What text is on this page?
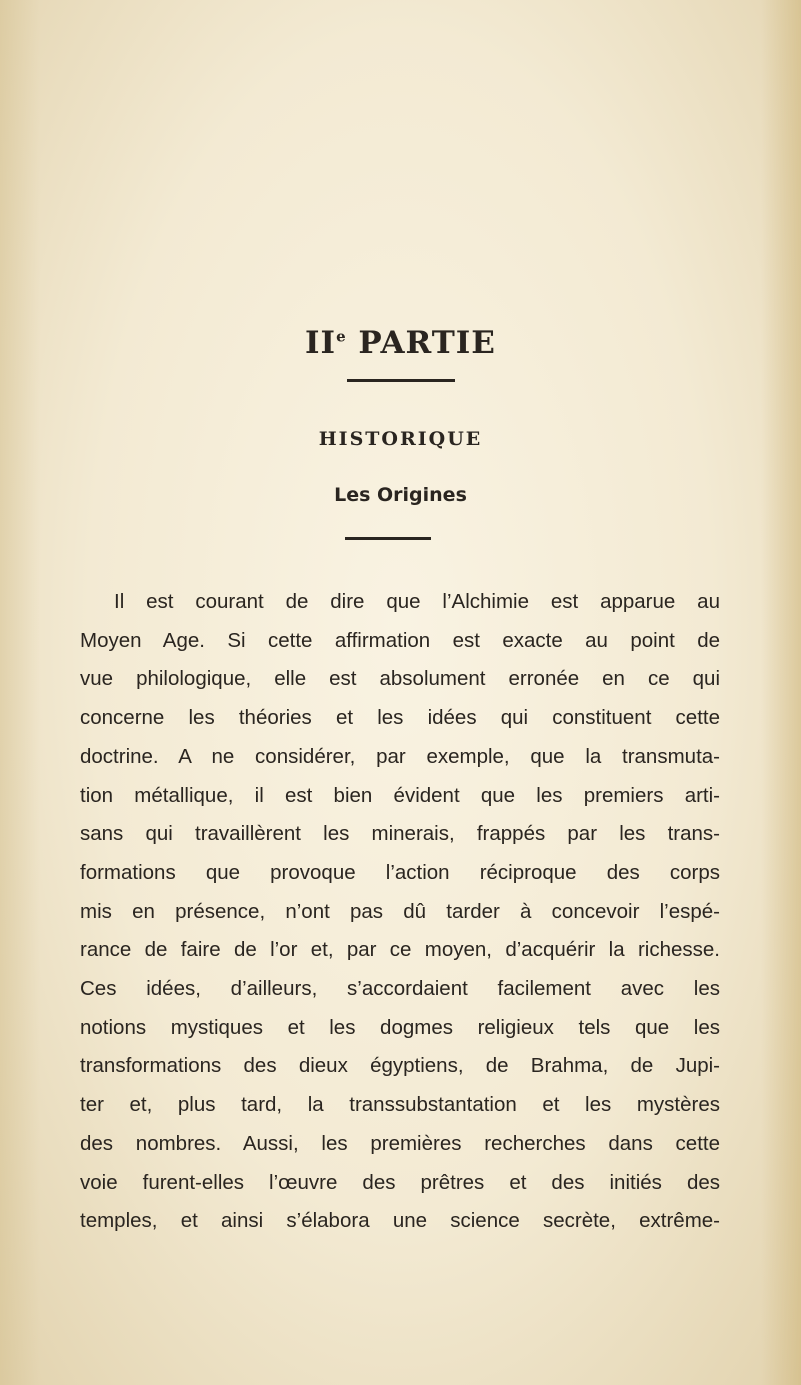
IIe PARTIE
HISTORIQUE
Les Origines
Il est courant de dire que l’Alchimie est apparue au
Moyen Age. Si cette affirmation est exacte au point de
vue philologique, elle est absolument erronée en ce qui
concerne les théories et les idées qui constituent cette
doctrine. A ne considérer, par exemple, que la transmuta-
tion métallique, il est bien évident que les premiers arti-
sans qui travaillèrent les minerais, frappés par les trans-
formations que provoque l’action réciproque des corps
mis en présence, n’ont pas dû tarder à concevoir l’espé-
rance de faire de l’or et, par ce moyen, d’acquérir la richesse.
Ces idées, d’ailleurs, s’accordaient facilement avec les
notions mystiques et les dogmes religieux tels que les
transformations des dieux égyptiens, de Brahma, de Jupi-
ter et, plus tard, la transsubstantation et les mystères
des nombres. Aussi, les premières recherches dans cette
voie furent-elles l’œuvre des prêtres et des initiés des
temples, et ainsi s’élabora une science secrète, extrême-
